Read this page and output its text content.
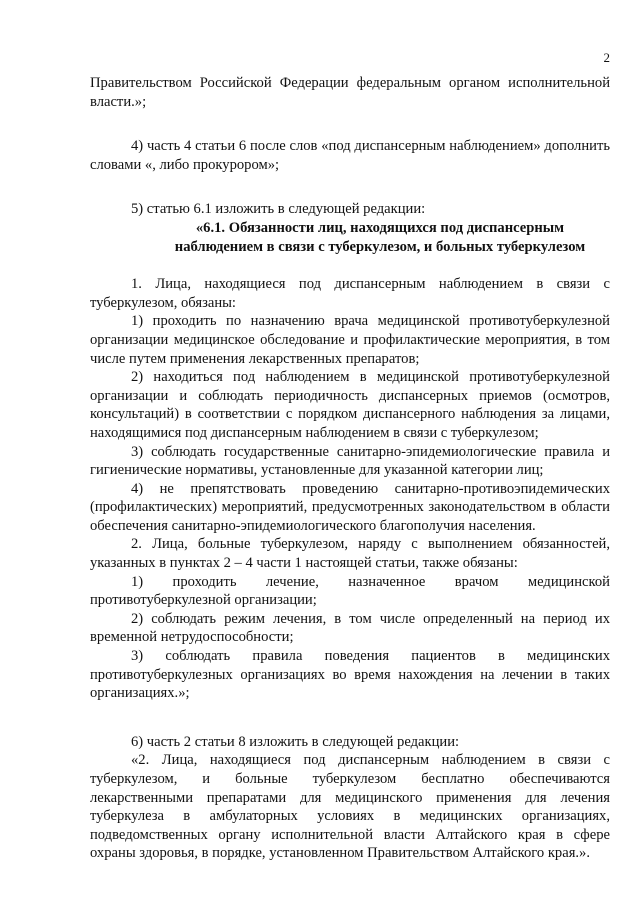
2

Правительством Российской Федерации федеральным органом исполнительной власти.»;

4) часть 4 статьи 6 после слов «под диспансерным наблюдением» дополнить словами «, либо прокурором»;

5) статью 6.1 изложить в следующей редакции:

«6.1. Обязанности лиц, находящихся под диспансерным наблюдением в связи с туберкулезом, и больных туберкулезом

1. Лица, находящиеся под диспансерным наблюдением в связи с туберкулезом, обязаны:

1) проходить по назначению врача медицинской противотуберкулезной организации медицинское обследование и профилактические мероприятия, в том числе путем применения лекарственных препаратов;

2) находиться под наблюдением в медицинской противотуберкулезной организации и соблюдать периодичность диспансерных приемов (осмотров, консультаций) в соответствии с порядком диспансерного наблюдения за лицами, находящимися под диспансерным наблюдением в связи с туберкулезом;

3) соблюдать государственные санитарно-эпидемиологические правила и гигиенические нормативы, установленные для указанной категории лиц;

4) не препятствовать проведению санитарно-противоэпидемических (профилактических) мероприятий, предусмотренных законодательством в области обеспечения санитарно-эпидемиологического благополучия населения.

2. Лица, больные туберкулезом, наряду с выполнением обязанностей, указанных в пунктах 2 – 4 части 1 настоящей статьи, также обязаны:

1) проходить лечение, назначенное врачом медицинской противотуберкулезной организации;

2) соблюдать режим лечения, в том числе определенный на период их временной нетрудоспособности;

3) соблюдать правила поведения пациентов в медицинских противотуберкулезных организациях во время нахождения на лечении в таких организациях.»;

6) часть 2 статьи 8 изложить в следующей редакции:

«2. Лица, находящиеся под диспансерным наблюдением в связи с туберкулезом, и больные туберкулезом бесплатно обеспечиваются лекарственными препаратами для медицинского применения для лечения туберкулеза в амбулаторных условиях в медицинских организациях, подведомственных органу исполнительной власти Алтайского края в сфере охраны здоровья, в порядке, установленном Правительством Алтайского края.».
